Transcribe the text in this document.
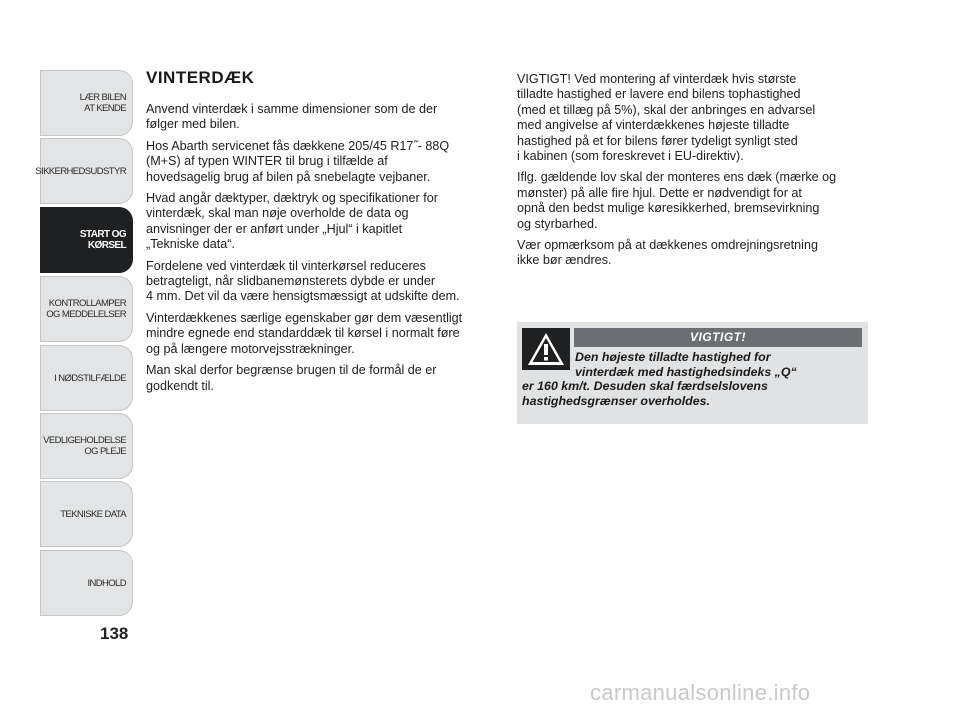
LÆR BILEN
AT KENDE
SIKKERHEDSUDSTYR
START OG KØRSEL
KONTROLLAMPER
OG MEDDELELSER
I NØDSTILFÆLDE
VEDLIGEHOLDELSE
OG PLEJE
TEKNISKE DATA
INDHOLD
138
VINTERDÆK

Anvend vinterdæk i samme dimensioner som de der
følger med bilen.

Hos Abarth servicenet fås dækkene 205/45 R17˝- 88Q
(M+S) af typen WINTER til brug i tilfælde af
hovedsagelig brug af bilen på snebelagte vejbaner.

Hvad angår dæktyper, dæktryk og specifikationer for
vinterdæk, skal man nøje overholde de data og
anvisninger der er anført under „Hjul“ i kapitlet
„Tekniske data“.

Fordelene ved vinterdæk til vinterkørsel reduceres
betragteligt, når slidbanemønsterets dybde er under
4 mm. Det vil da være hensigtsmæssigt at udskifte dem.

Vinterdækkenes særlige egenskaber gør dem væsentligt
mindre egnede end standarddæk til kørsel i normalt føre
og på længere motorvejsstrækninger.

Man skal derfor begrænse brugen til de formål de er
godkendt til.

VIGTIGT! Ved montering af vinterdæk hvis største
tilladte hastighed er lavere end bilens tophastighed
(med et tillæg på 5%), skal der anbringes en advarsel
med angivelse af vinterdækkenes højeste tilladte
hastighed på et for bilens fører tydeligt synligt sted
i kabinen (som foreskrevet i EU-direktiv).

Iflg. gældende lov skal der monteres ens dæk (mærke og
mønster) på alle fire hjul. Dette er nødvendigt for at
opnå den bedst mulige køresikkerhed, bremsevirkning
og styrbarhed.

Vær opmærksom på at dækkenes omdrejningsretning
ikke bør ændres.

VIGTIGT!
Den højeste tilladte hastighed for
vinterdæk med hastighedsindeks „Q“
er 160 km/t. Desuden skal færdselslovens
hastighedsgrænser overholdes.
carmanualsonline.info
